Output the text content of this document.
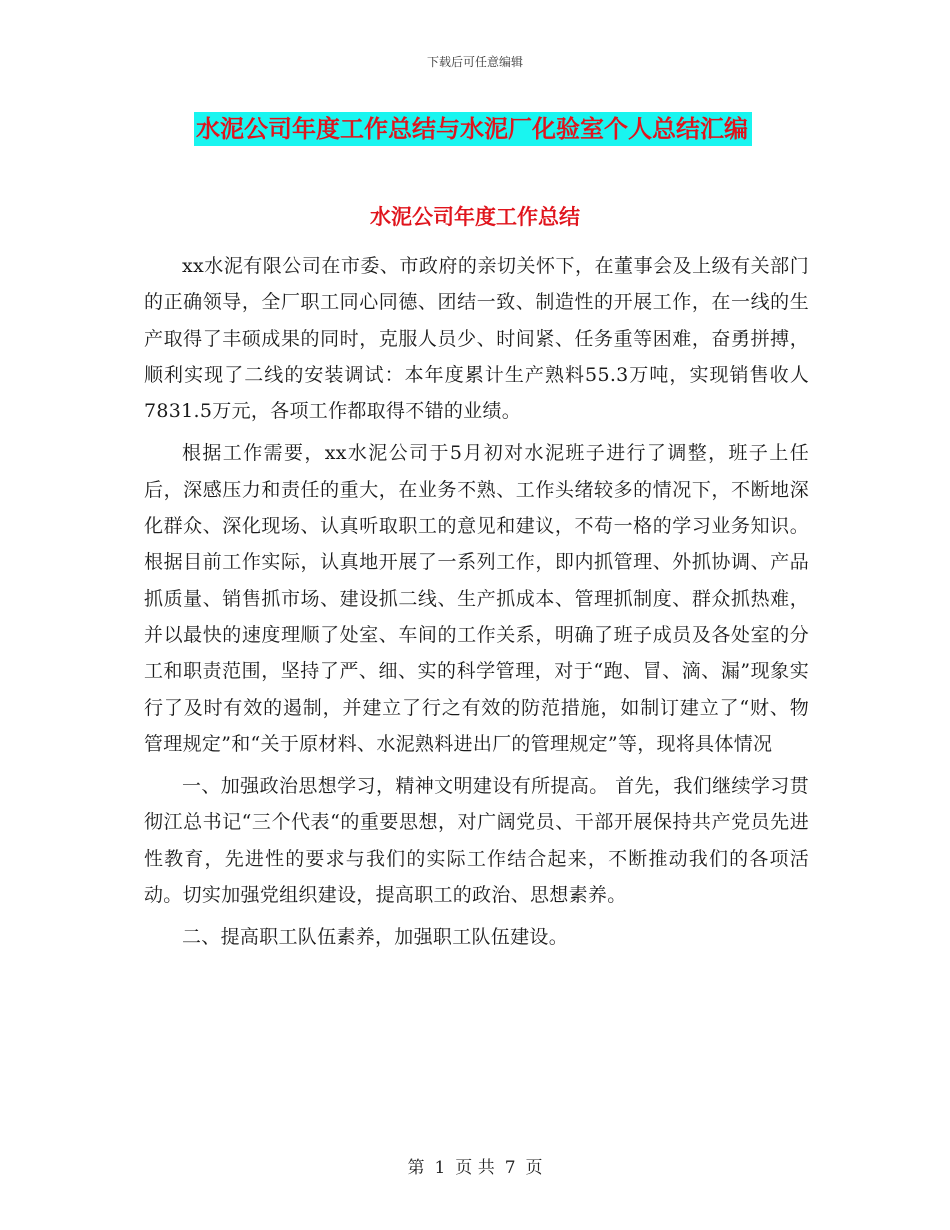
下载后可任意编辑
水泥公司年度工作总结与水泥厂化验室个人总结汇编
水泥公司年度工作总结

xx水泥有限公司在市委、市政府的亲切关怀下，在董事会及上级有关部门的正确领导，全厂职工同心同德、团结一致、制造性的开展工作，在一线的生产取得了丰硕成果的同时，克服人员少、时间紧、任务重等困难，奋勇拼搏，顺利实现了二线的安装调试：本年度累计生产熟料55.3万吨，实现销售收人7831.5万元，各项工作都取得不错的业绩。

根据工作需要，xx水泥公司于5月初对水泥班子进行了调整，班子上任后，深感压力和责任的重大，在业务不熟、工作头绪较多的情况下，不断地深化群众、深化现场、认真听取职工的意见和建议，不苟一格的学习业务知识。根据目前工作实际，认真地开展了一系列工作，即内抓管理、外抓协调、产品抓质量、销售抓市场、建设抓二线、生产抓成本、管理抓制度、群众抓热难，并以最快的速度理顺了处室、车间的工作关系，明确了班子成员及各处室的分工和职责范围，坚持了严、细、实的科学管理，对于“跑、冒、滴、漏”现象实行了及时有效的遏制，并建立了行之有效的防范措施，如制订建立了“财、物管理规定”和“关于原材料、水泥熟料进出厂的管理规定”等，现将具体情况

一、加强政治思想学习，精神文明建设有所提高。 首先，我们继续学习贯彻江总书记“三个代表“的重要思想，对广阔党员、干部开展保持共产党员先进性教育，先进性的要求与我们的实际工作结合起来，不断推动我们的各项活动。切实加强党组织建设，提高职工的政治、思想素养。

二、提高职工队伍素养，加强职工队伍建设。

第 1 页 共 7 页
